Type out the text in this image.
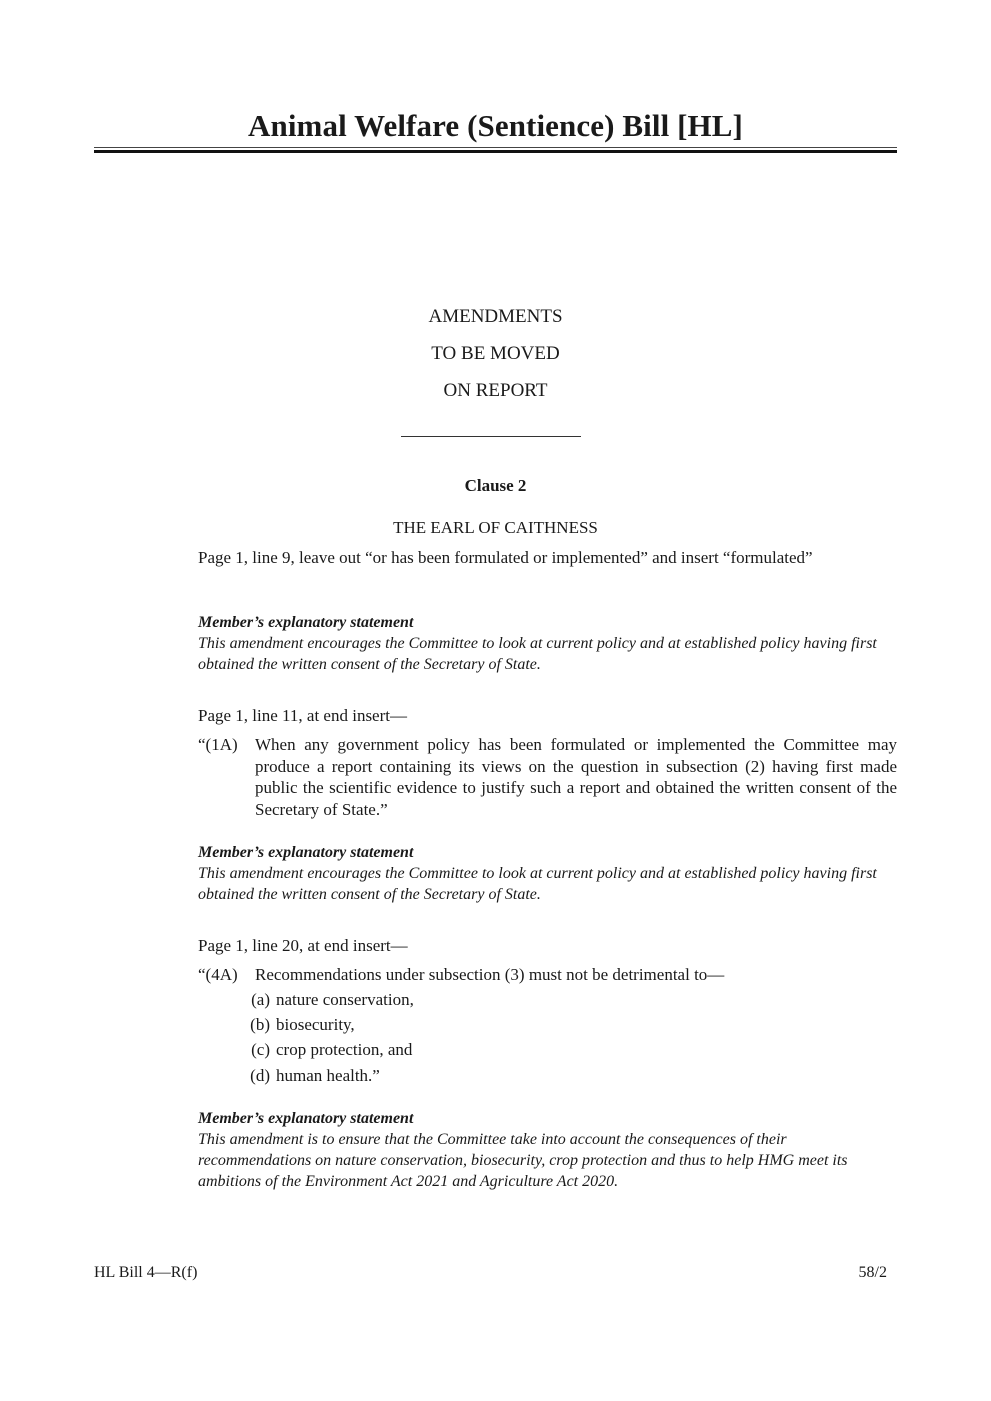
Animal Welfare (Sentience) Bill [HL]
AMENDMENTS
TO BE MOVED
ON REPORT
Clause 2
THE EARL OF CAITHNESS
Page 1, line 9, leave out “or has been formulated or implemented” and insert “formulated”
Member’s explanatory statement
This amendment encourages the Committee to look at current policy and at established policy having first obtained the written consent of the Secretary of State.
Page 1, line 11, at end insert—
“(1A) When any government policy has been formulated or implemented the Committee may produce a report containing its views on the question in subsection (2) having first made public the scientific evidence to justify such a report and obtained the written consent of the Secretary of State.”
Member’s explanatory statement
This amendment encourages the Committee to look at current policy and at established policy having first obtained the written consent of the Secretary of State.
Page 1, line 20, at end insert—
“(4A) Recommendations under subsection (3) must not be detrimental to—
(a) nature conservation,
(b) biosecurity,
(c) crop protection, and
(d) human health.”
Member’s explanatory statement
This amendment is to ensure that the Committee take into account the consequences of their recommendations on nature conservation, biosecurity, crop protection and thus to help HMG meet its ambitions of the Environment Act 2021 and Agriculture Act 2020.
HL Bill 4—R(f)	58/2
